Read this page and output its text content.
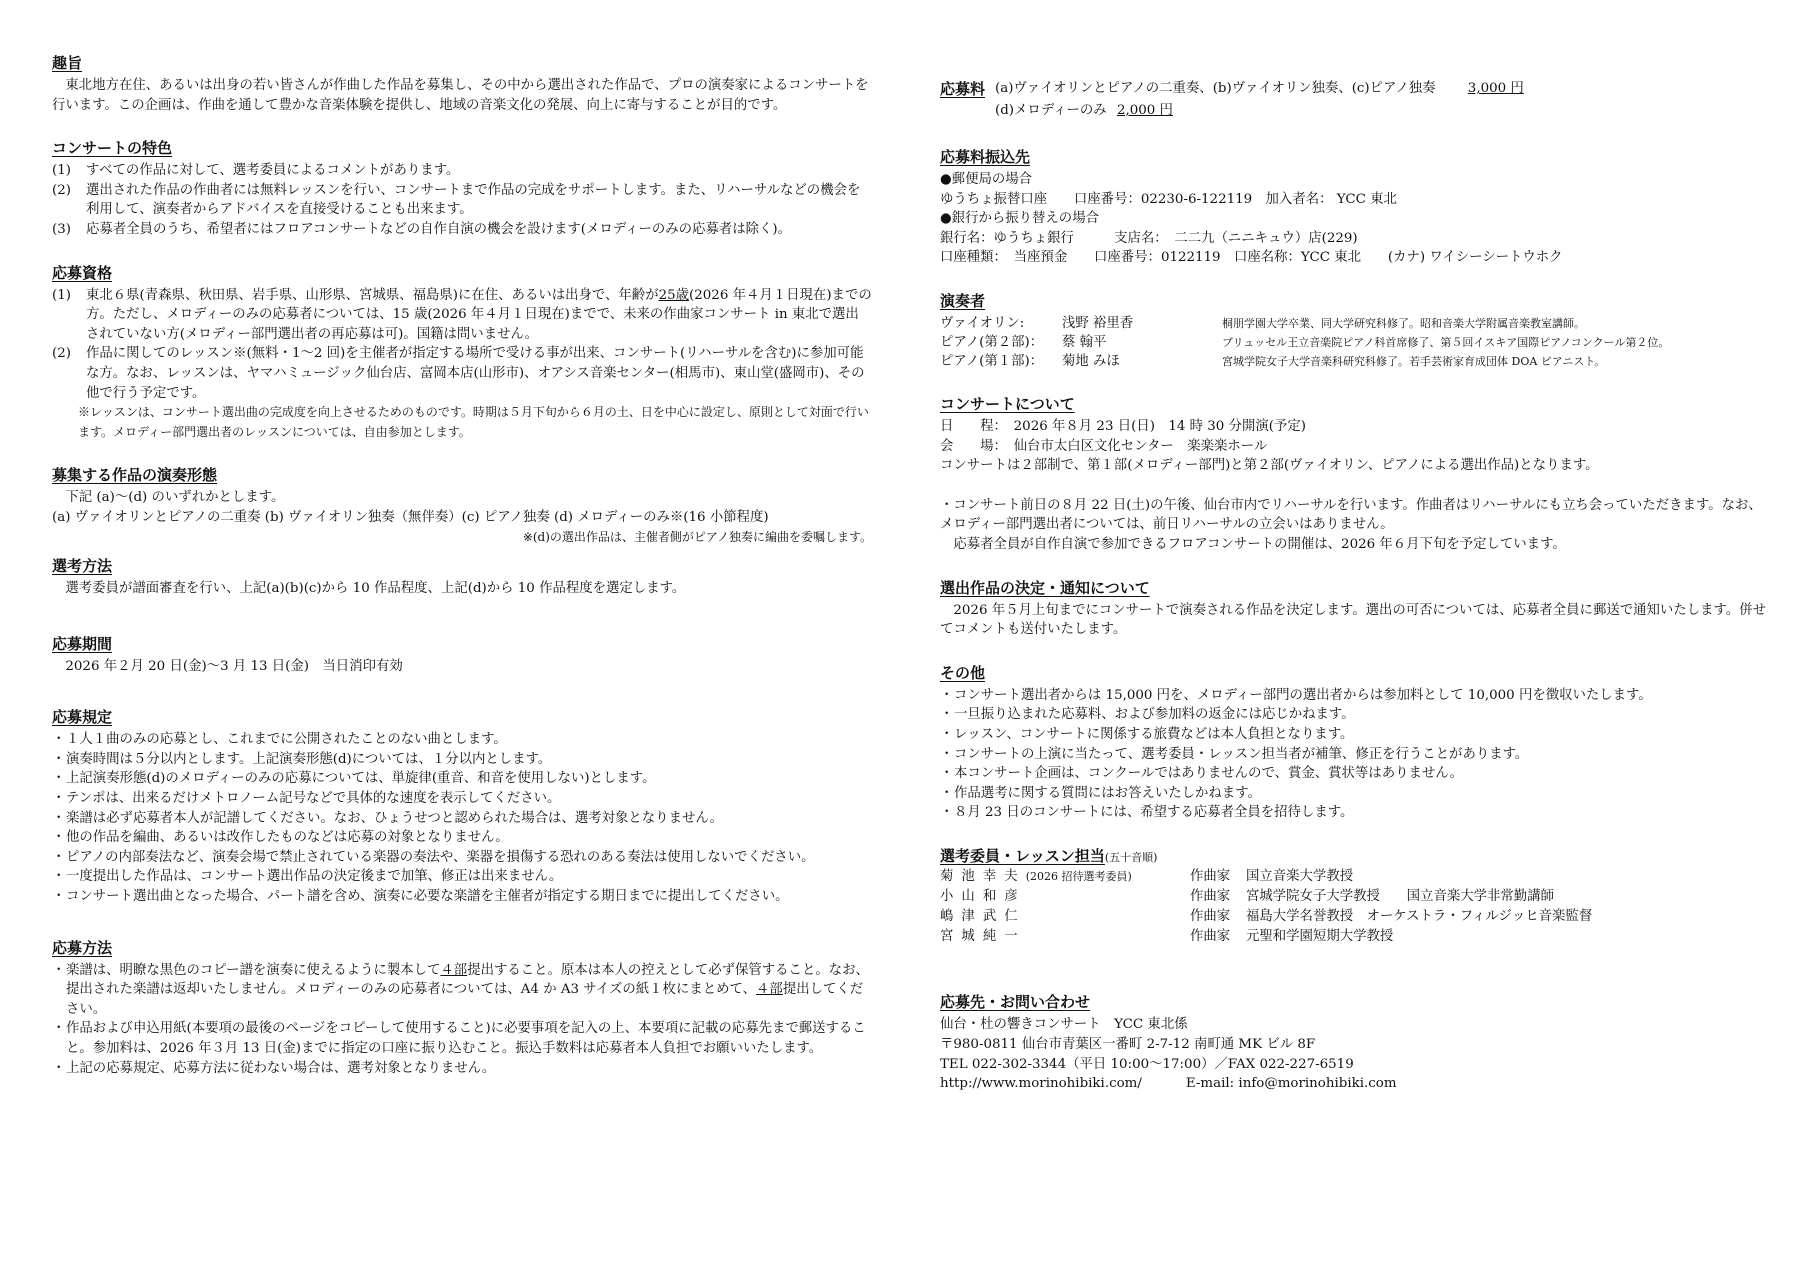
趣旨

東北地方在住、あるいは出身の若い皆さんが作曲した作品を募集し、その中から選出された作品で、プロの演奏家によるコンサートを行います。この企画は、作曲を通して豊かな音楽体験を提供し、地域の音楽文化の発展、向上に寄与することが目的です。

コンサートの特色
(1)	すべての作品に対して、選考委員によるコメントがあります。
(2)	選出された作品の作曲者には無料レッスンを行い、コンサートまで作品の完成をサポートします。また、リハーサルなどの機会を利用して、演奏者からアドバイスを直接受けることも出来ます。
(3)	応募者全員のうち、希望者にはフロアコンサートなどの自作自演の機会を設けます(メロディーのみの応募者は除く)。
応募資格
(1)	東北６県(青森県、秋田県、岩手県、山形県、宮城県、福島県)に在住、あるいは出身で、年齢が25歳(2026 年４月１日現在)までの方。ただし、メロディーのみの応募者については、15 歳(2026 年４月１日現在)までで、未来の作曲家コンサート in 東北で選出されていない方(メロディー部門選出者の再応募は可)。国籍は問いません。
(2)	作品に関してのレッスン※(無料・1～2 回)を主催者が指定する場所で受ける事が出来、コンサート(リハーサルを含む)に参加可能な方。なお、レッスンは、ヤマハミュージック仙台店、富岡本店(山形市)、オアシス音楽センター(相馬市)、東山堂(盛岡市)、その他で行う予定です。
※レッスンは、コンサート選出曲の完成度を向上させるためのものです。時期は５月下旬から６月の土、日を中心に設定し、原則として対面で行います。メロディー部門選出者のレッスンについては、自由参加とします。
募集する作品の演奏形態

下記 (a)～(d) のいずれかとします。

(a) ヴァイオリンとピアノの二重奏 (b) ヴァイオリン独奏（無伴奏）(c) ピアノ独奏 (d) メロディーのみ※(16 小節程度)

※(d)の選出作品は、主催者側がピアノ独奏に編曲を委嘱します。
選考方法

選考委員が譜面審査を行い、上記(a)(b)(c)から 10 作品程度、上記(d)から 10 作品程度を選定します。

応募期間

2026 年２月 20 日(金)～3 月 13 日(金)　当日消印有効

応募規定
・ １人１曲のみの応募とし、これまでに公開されたことのない曲とします。
・ 演奏時間は５分以内とします。上記演奏形態(d)については、１分以内とします。
・ 上記演奏形態(d)のメロディーのみの応募については、単旋律(重音、和音を使用しない)とします。
・ テンポは、出来るだけメトロノーム記号などで具体的な速度を表示してください。
・ 楽譜は必ず応募者本人が記譜してください。なお、ひょうせつと認められた場合は、選考対象となりません。
・ 他の作品を編曲、あるいは改作したものなどは応募の対象となりません。
・ ピアノの内部奏法など、演奏会場で禁止されている楽器の奏法や、楽器を損傷する恐れのある奏法は使用しないでください。
・ 一度提出した作品は、コンサート選出作品の決定後まで加筆、修正は出来ません。
・ コンサート選出曲となった場合、パート譜を含め、演奏に必要な楽譜を主催者が指定する期日までに提出してください。
応募方法
・ 楽譜は、明瞭な黒色のコピー譜を演奏に使えるように製本して４部提出すること。原本は本人の控えとして必ず保管すること。なお、提出された楽譜は返却いたしません。メロディーのみの応募者については、A4 か A3 サイズの紙１枚にまとめて、４部提出してください。
・ 作品および申込用紙(本要項の最後のページをコピーして使用すること)に必要事項を記入の上、本要項に記載の応募先まで郵送すること。参加料は、2026 年３月 13 日(金)までに指定の口座に振り込むこと。振込手数料は応募者本人負担でお願いいたします。
・ 上記の応募規定、応募方法に従わない場合は、選考対象となりません。
応募料 (a)ヴァイオリンとピアノの二重奏、(b)ヴァイオリン独奏、(c)ピアノ独奏 3,000 円
(d)メロディーのみ 2,000 円
応募料振込先

●郵便局の場合

ゆうちょ振替口座　　口座番号：02230-6-122119　加入者名： YCC 東北

●銀行から振り替えの場合

銀行名：ゆうちょ銀行　　　支店名：　二二九（ニニキュウ）店(229)

口座種類：　当座預金　　口座番号：0122119　口座名称：YCC 東北　　(カナ) ワイシーシートウホク

演奏者
ヴァイオリン:	浅野 裕里香	桐朋学園大学卒業、同大学研究科修了。昭和音楽大学附属音楽教室講師。
ピアノ(第２部)：	蔡 翰平	ブリュッセル王立音楽院ピアノ科首席修了、第５回イスキア国際ピアノコンクール第２位。
ピアノ(第１部)：	菊地 みほ	宮城学院女子大学音楽科研究科修了。若手芸術家育成団体 DOA ピアニスト。
コンサートについて

日　　程：　 2026 年８月 23 日(日)　14 時 30 分開演(予定)

会　　場：　 仙台市太白区文化センター　楽楽楽ホール

コンサートは２部制で、第１部(メロディー部門)と第２部(ヴァイオリン、ピアノによる選出作品)となります。

・コンサート前日の８月 22 日(土)の午後、仙台市内でリハーサルを行います。作曲者はリハーサルにも立ち会っていただきます。なお、メロディー部門選出者については、前日リハーサルの立会いはありません。

応募者全員が自作自演で参加できるフロアコンサートの開催は、2026 年６月下旬を予定しています。

選出作品の決定・通知について

2026 年５月上旬までにコンサートで演奏される作品を決定します。選出の可否については、応募者全員に郵送で通知いたします。併せてコメントも送付いたします。

その他
・ コンサート選出者からは 15,000 円を、メロディー部門の選出者からは参加料として 10,000 円を徴収いたします。
・ 一旦振り込まれた応募料、および参加料の返金には応じかねます。
・ レッスン、コンサートに関係する旅費などは本人負担となります。
・ コンサートの上演に当たって、選考委員・レッスン担当者が補筆、修正を行うことがあります。
・ 本コンサート企画は、コンクールではありませんので、賞金、賞状等はありません。
・ 作品選考に関する質問にはお答えいたしかねます。
・ ８月 23 日のコンサートには、希望する応募者全員を招待します。
選考委員・レッスン担当(五十音順)
菊池幸夫(2026 招待選考委員)	作曲家	国立音楽大学教授
小山和彦	作曲家	宮城学院女子大学教授　　国立音楽大学非常勤講師
嶋津武仁	作曲家	福島大学名誉教授　オーケストラ・フィルジッヒ音楽監督
宮城純一	作曲家	元聖和学園短期大学教授
応募先・お問い合わせ

仙台・杜の響きコンサート　YCC 東北係

〒980-0811 仙台市青葉区一番町 2-7-12 南町通 MK ビル 8F

TEL 022-302-3344（平日 10:00～17:00）／FAX 022-227-6519

http://www.morinohibiki.com/	E-mail: info@morinohibiki.com
